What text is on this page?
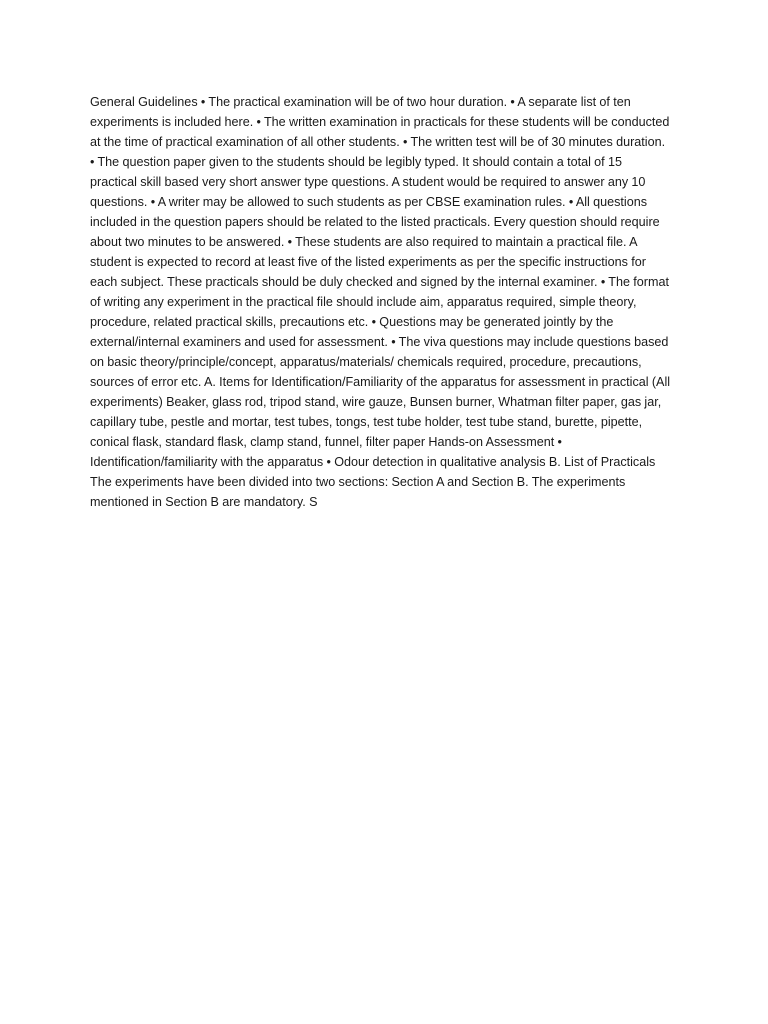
General Guidelines • The practical examination will be of two hour duration. • A separate list of ten experiments is included here. • The written examination in practicals for these students will be conducted at the time of practical examination of all other students. • The written test will be of 30 minutes duration. • The question paper given to the students should be legibly typed. It should contain a total of 15 practical skill based very short answer type questions. A student would be required to answer any 10 questions. • A writer may be allowed to such students as per CBSE examination rules. • All questions included in the question papers should be related to the listed practicals. Every question should require about two minutes to be answered. • These students are also required to maintain a practical file. A student is expected to record at least five of the listed experiments as per the specific instructions for each subject. These practicals should be duly checked and signed by the internal examiner. • The format of writing any experiment in the practical file should include aim, apparatus required, simple theory, procedure, related practical skills, precautions etc. • Questions may be generated jointly by the external/internal examiners and used for assessment. • The viva questions may include questions based on basic theory/principle/concept, apparatus/materials/ chemicals required, procedure, precautions, sources of error etc. A. Items for Identification/Familiarity of the apparatus for assessment in practical (All experiments) Beaker, glass rod, tripod stand, wire gauze, Bunsen burner, Whatman filter paper, gas jar, capillary tube, pestle and mortar, test tubes, tongs, test tube holder, test tube stand, burette, pipette, conical flask, standard flask, clamp stand, funnel, filter paper Hands-on Assessment • Identification/familiarity with the apparatus • Odour detection in qualitative analysis B. List of Practicals The experiments have been divided into two sections: Section A and Section B. The experiments mentioned in Section B are mandatory. S
